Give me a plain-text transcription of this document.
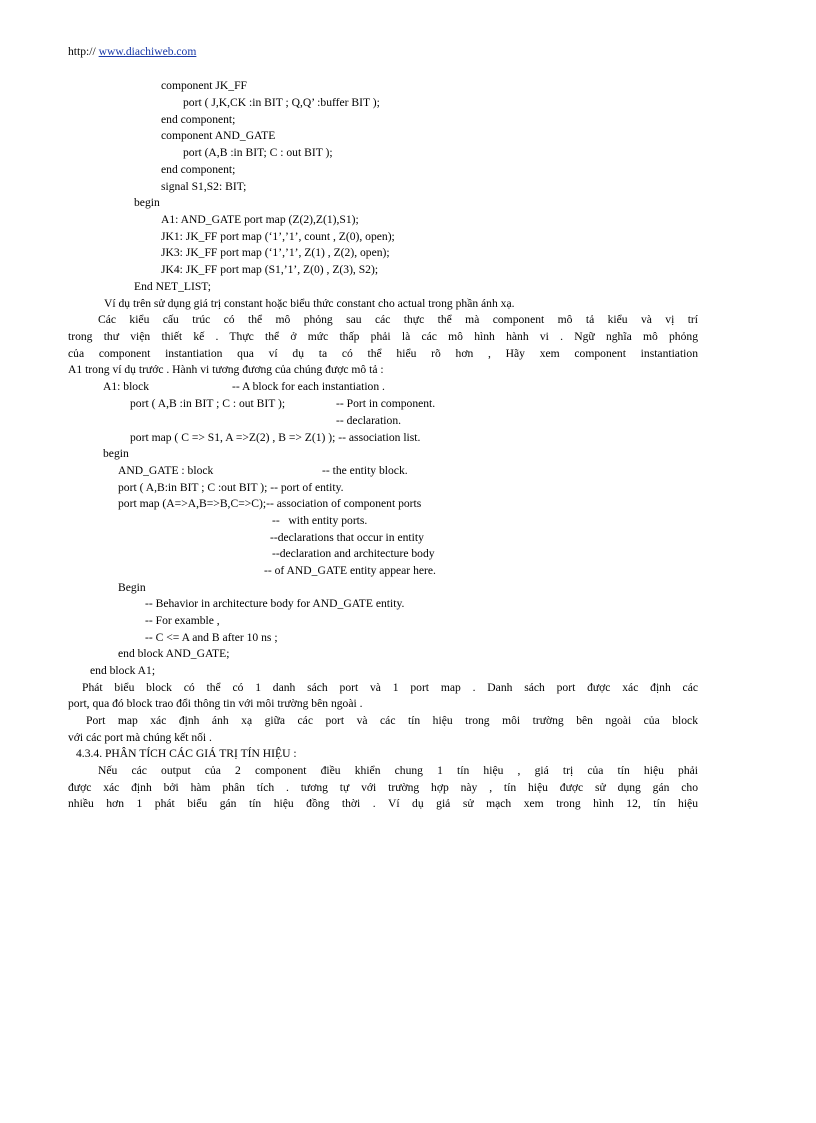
http:// www.diachiweb.com
component JK_FF
port ( J,K,CK :in BIT ; Q,Q’ :buffer BIT );
end component;
component AND_GATE
port (A,B :in BIT; C : out BIT );
end component;
signal S1,S2: BIT;
begin
A1: AND_GATE port map (Z(2),Z(1),S1);
JK1: JK_FF port map (‘1’,’1’, count , Z(0), open);
JK3: JK_FF port map (‘1’,’1’, Z(1) , Z(2), open);
JK4: JK_FF port map (S1,’1’, Z(0) , Z(3), S2);
End NET_LIST;
Ví dụ trên sử dụng giá trị constant hoặc biểu thức constant cho actual trong phần ánh xạ.
Các kiểu cấu trúc có thể mô phỏng sau các thực thể mà component mô tả kiểu và vị trí
trong thư viện thiết kế . Thực thể ở mức thấp phải là các mô hình hành vi . Ngữ nghĩa mô phỏng
của component instantiation qua ví dụ ta có thể hiểu rõ hơn , Hãy xem component instantiation
A1 trong ví dụ trước . Hành vi tương đương của chúng được mô tả :
A1: block	-- A block for each instantiation .
port ( A,B :in BIT ; C : out BIT );	-- Port in component.
-- declaration.
port map ( C => S1, A =>Z(2) , B => Z(1) ); -- association list.
begin
AND_GATE : block	-- the entity block.
port ( A,B:in BIT ; C :out BIT ); -- port of entity.
port map (A=>A,B=>B,C=>C);-- association of component ports
--   with entity ports.
--declarations that occur in entity
--declaration and architecture body
-- of AND_GATE entity appear here.
Begin
-- Behavior in architecture body for AND_GATE entity.
-- For examble ,
-- C <= A and B after 10 ns ;
end block AND_GATE;
end block A1;
Phát biểu block có thể có 1 danh sách port và 1 port map . Danh sách port được xác định các
port, qua đó block trao đổi thông tin với môi trường bên ngoài .
Port map xác định ánh xạ giữa các port và các tín hiệu trong môi trường bên ngoài của block
với các port mà chúng kết nối .
Nếu các output của 2 component điều khiển chung 1 tín hiệu , giá trị của tín hiệu phải
được xác định bởi hàm phân tích . tương tự với trường hợp này , tín hiệu được sử dụng gán cho
nhiều hơn 1 phát biểu gán tín hiệu đồng thời . Ví dụ giả sử mạch xem trong hình 12, tín hiệu
4.3.4. PHÂN TÍCH CÁC GIÁ TRỊ TÍN HIỆU :
